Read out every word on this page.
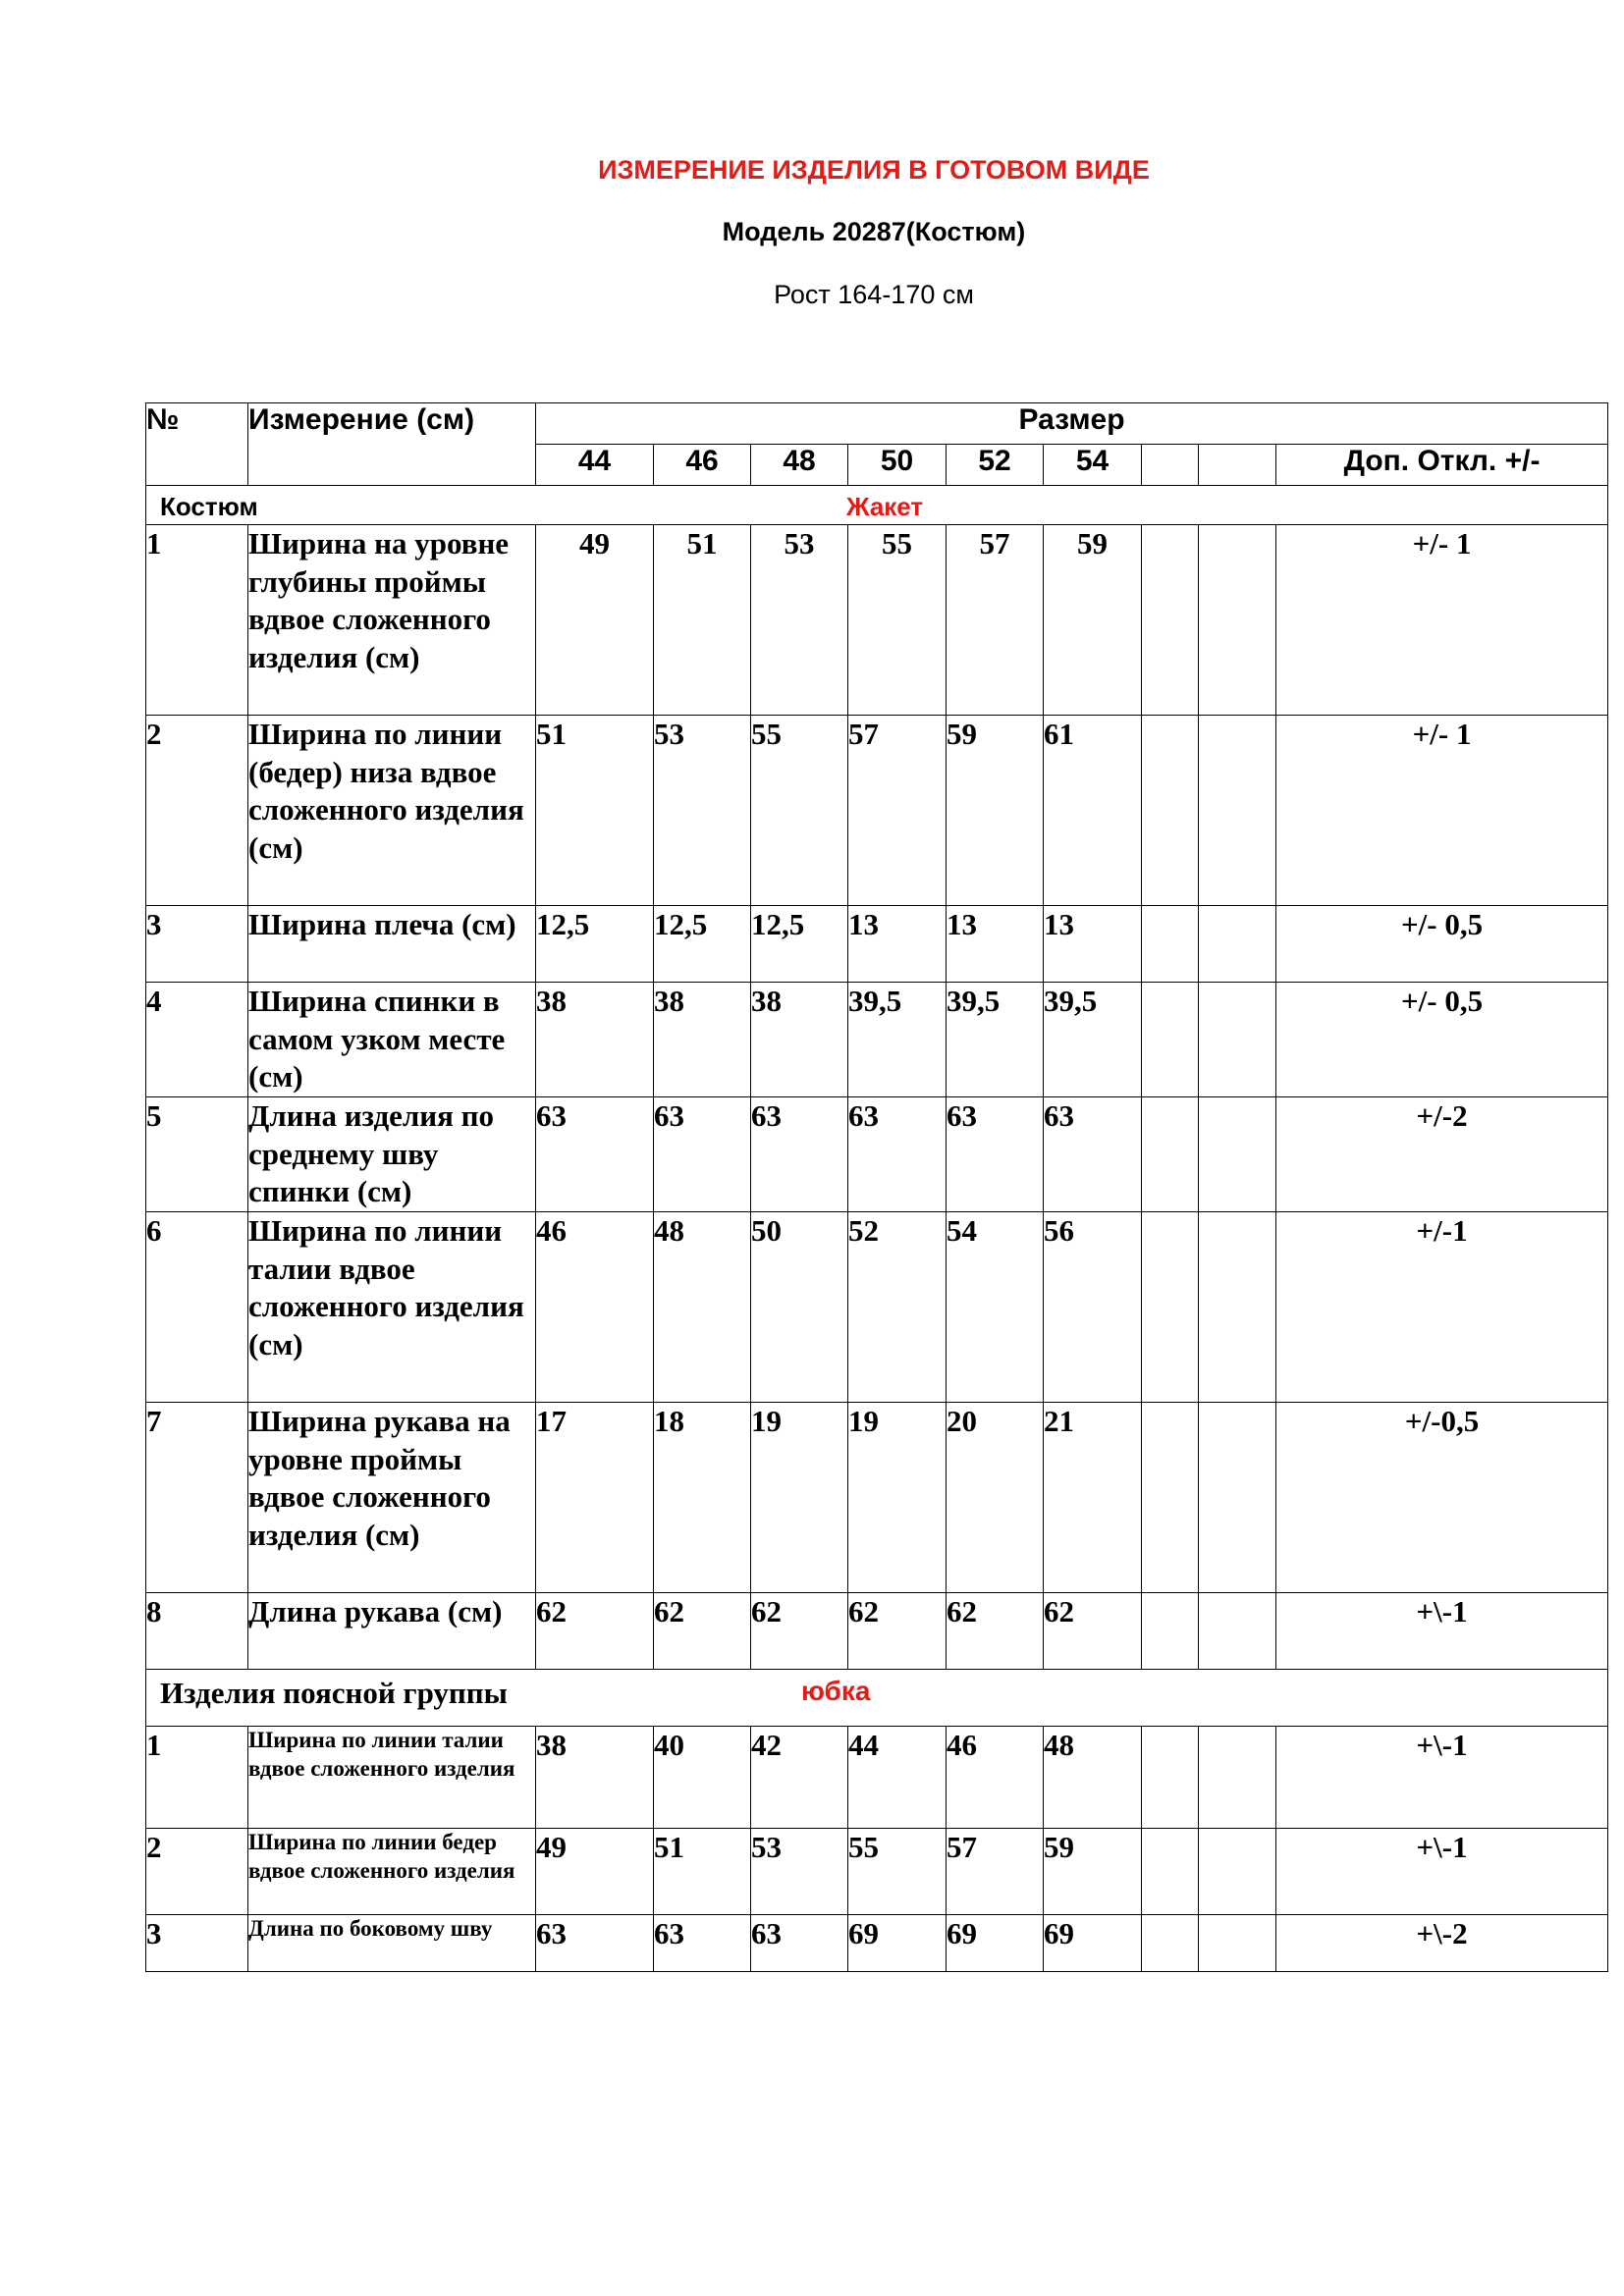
ИЗМЕРЕНИЕ ИЗДЕЛИЯ В ГОТОВОМ ВИДЕ
Модель 20287(Костюм)
Рост 164-170 см
№	Измерение (см)	Размер								
		44	46	48	50	52	54			Доп. Откл. +/-

Костюм Жакет										

1	Ширина на уровне глубины проймы вдвое сложенного изделия (см)	49	51	53	55	57	59			+/- 1
2	Ширина по линии (бедер) низа вдвое сложенного изделия (см)	51	53	55	57	59	61			+/- 1
3	Ширина плеча (см)	12,5	12,5	12,5	13	13	13			+/- 0,5
4	Ширина спинки в самом узком месте (см)	38	38	38	39,5	39,5	39,5			+/- 0,5
5	Длина изделия по среднему шву спинки (см)	63	63	63	63	63	63			+/-2
6	Ширина по линии талии вдвое сложенного изделия (см)	46	48	50	52	54	56			+/-1
7	Ширина рукава на уровне проймы вдвое сложенного изделия (см)	17	18	19	19	20	21			+/-0,5
8	Длина рукава (см)	62	62	62	62	62	62			+\-1

Изделия поясной группы юбка										

1	Ширина по линии талии вдвое сложенного изделия	38	40	42	44	46	48			+\-1
2	Ширина по линии бедер вдвое сложенного изделия	49	51	53	55	57	59			+\-1
3	Длина по боковому шву	63	63	63	69	69	69			+\-2
